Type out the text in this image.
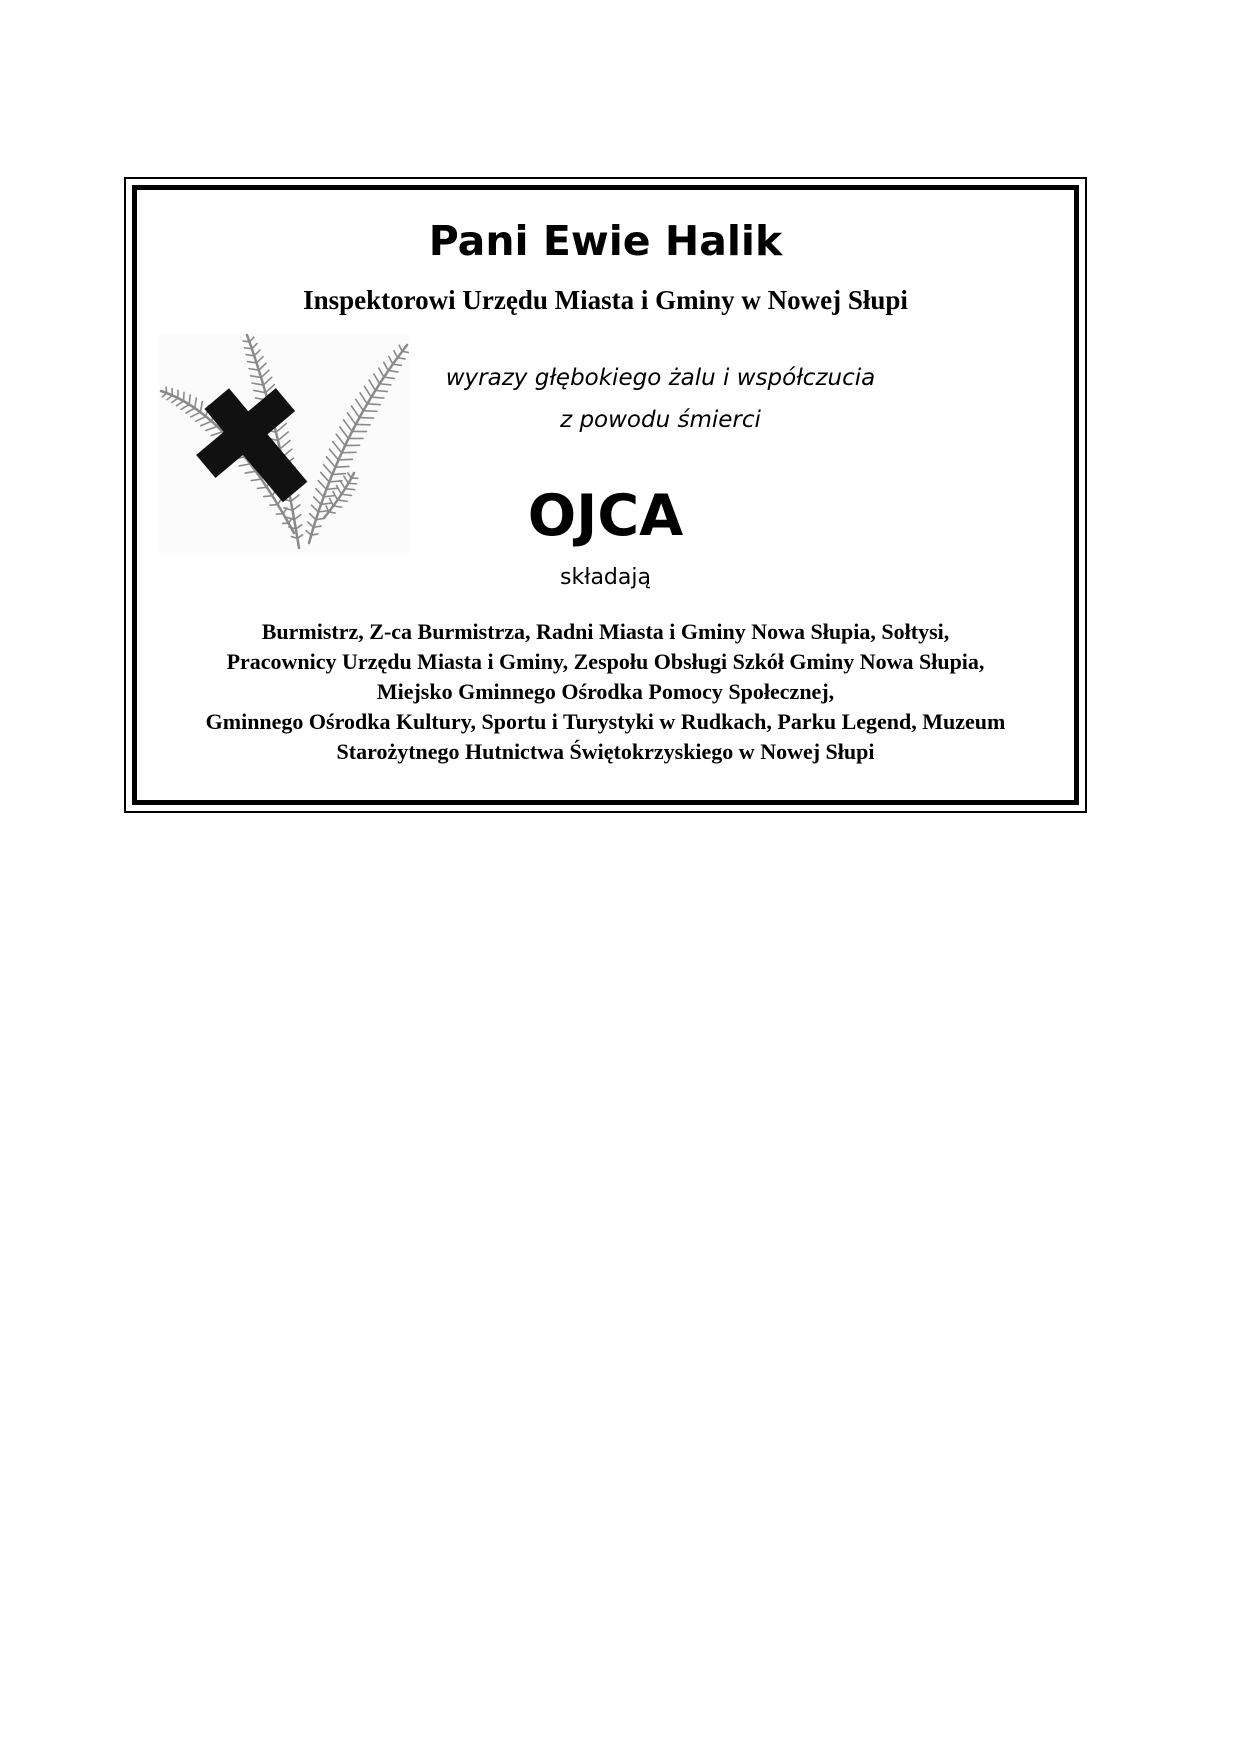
Pani Ewie Halik
Inspektorowi Urzędu Miasta i Gminy w Nowej Słupi
wyrazy głębokiego żalu i współczucia
z powodu śmierci
OJCA
składają
Burmistrz, Z-ca Burmistrza, Radni Miasta i Gminy Nowa Słupia, Sołtysi,
Pracownicy Urzędu Miasta i Gminy, Zespołu Obsługi Szkół Gminy Nowa Słupia,
Miejsko Gminnego Ośrodka Pomocy Społecznej,
Gminnego Ośrodka Kultury, Sportu i Turystyki w Rudkach, Parku Legend, Muzeum
Starożytnego Hutnictwa Świętokrzyskiego w Nowej Słupi
